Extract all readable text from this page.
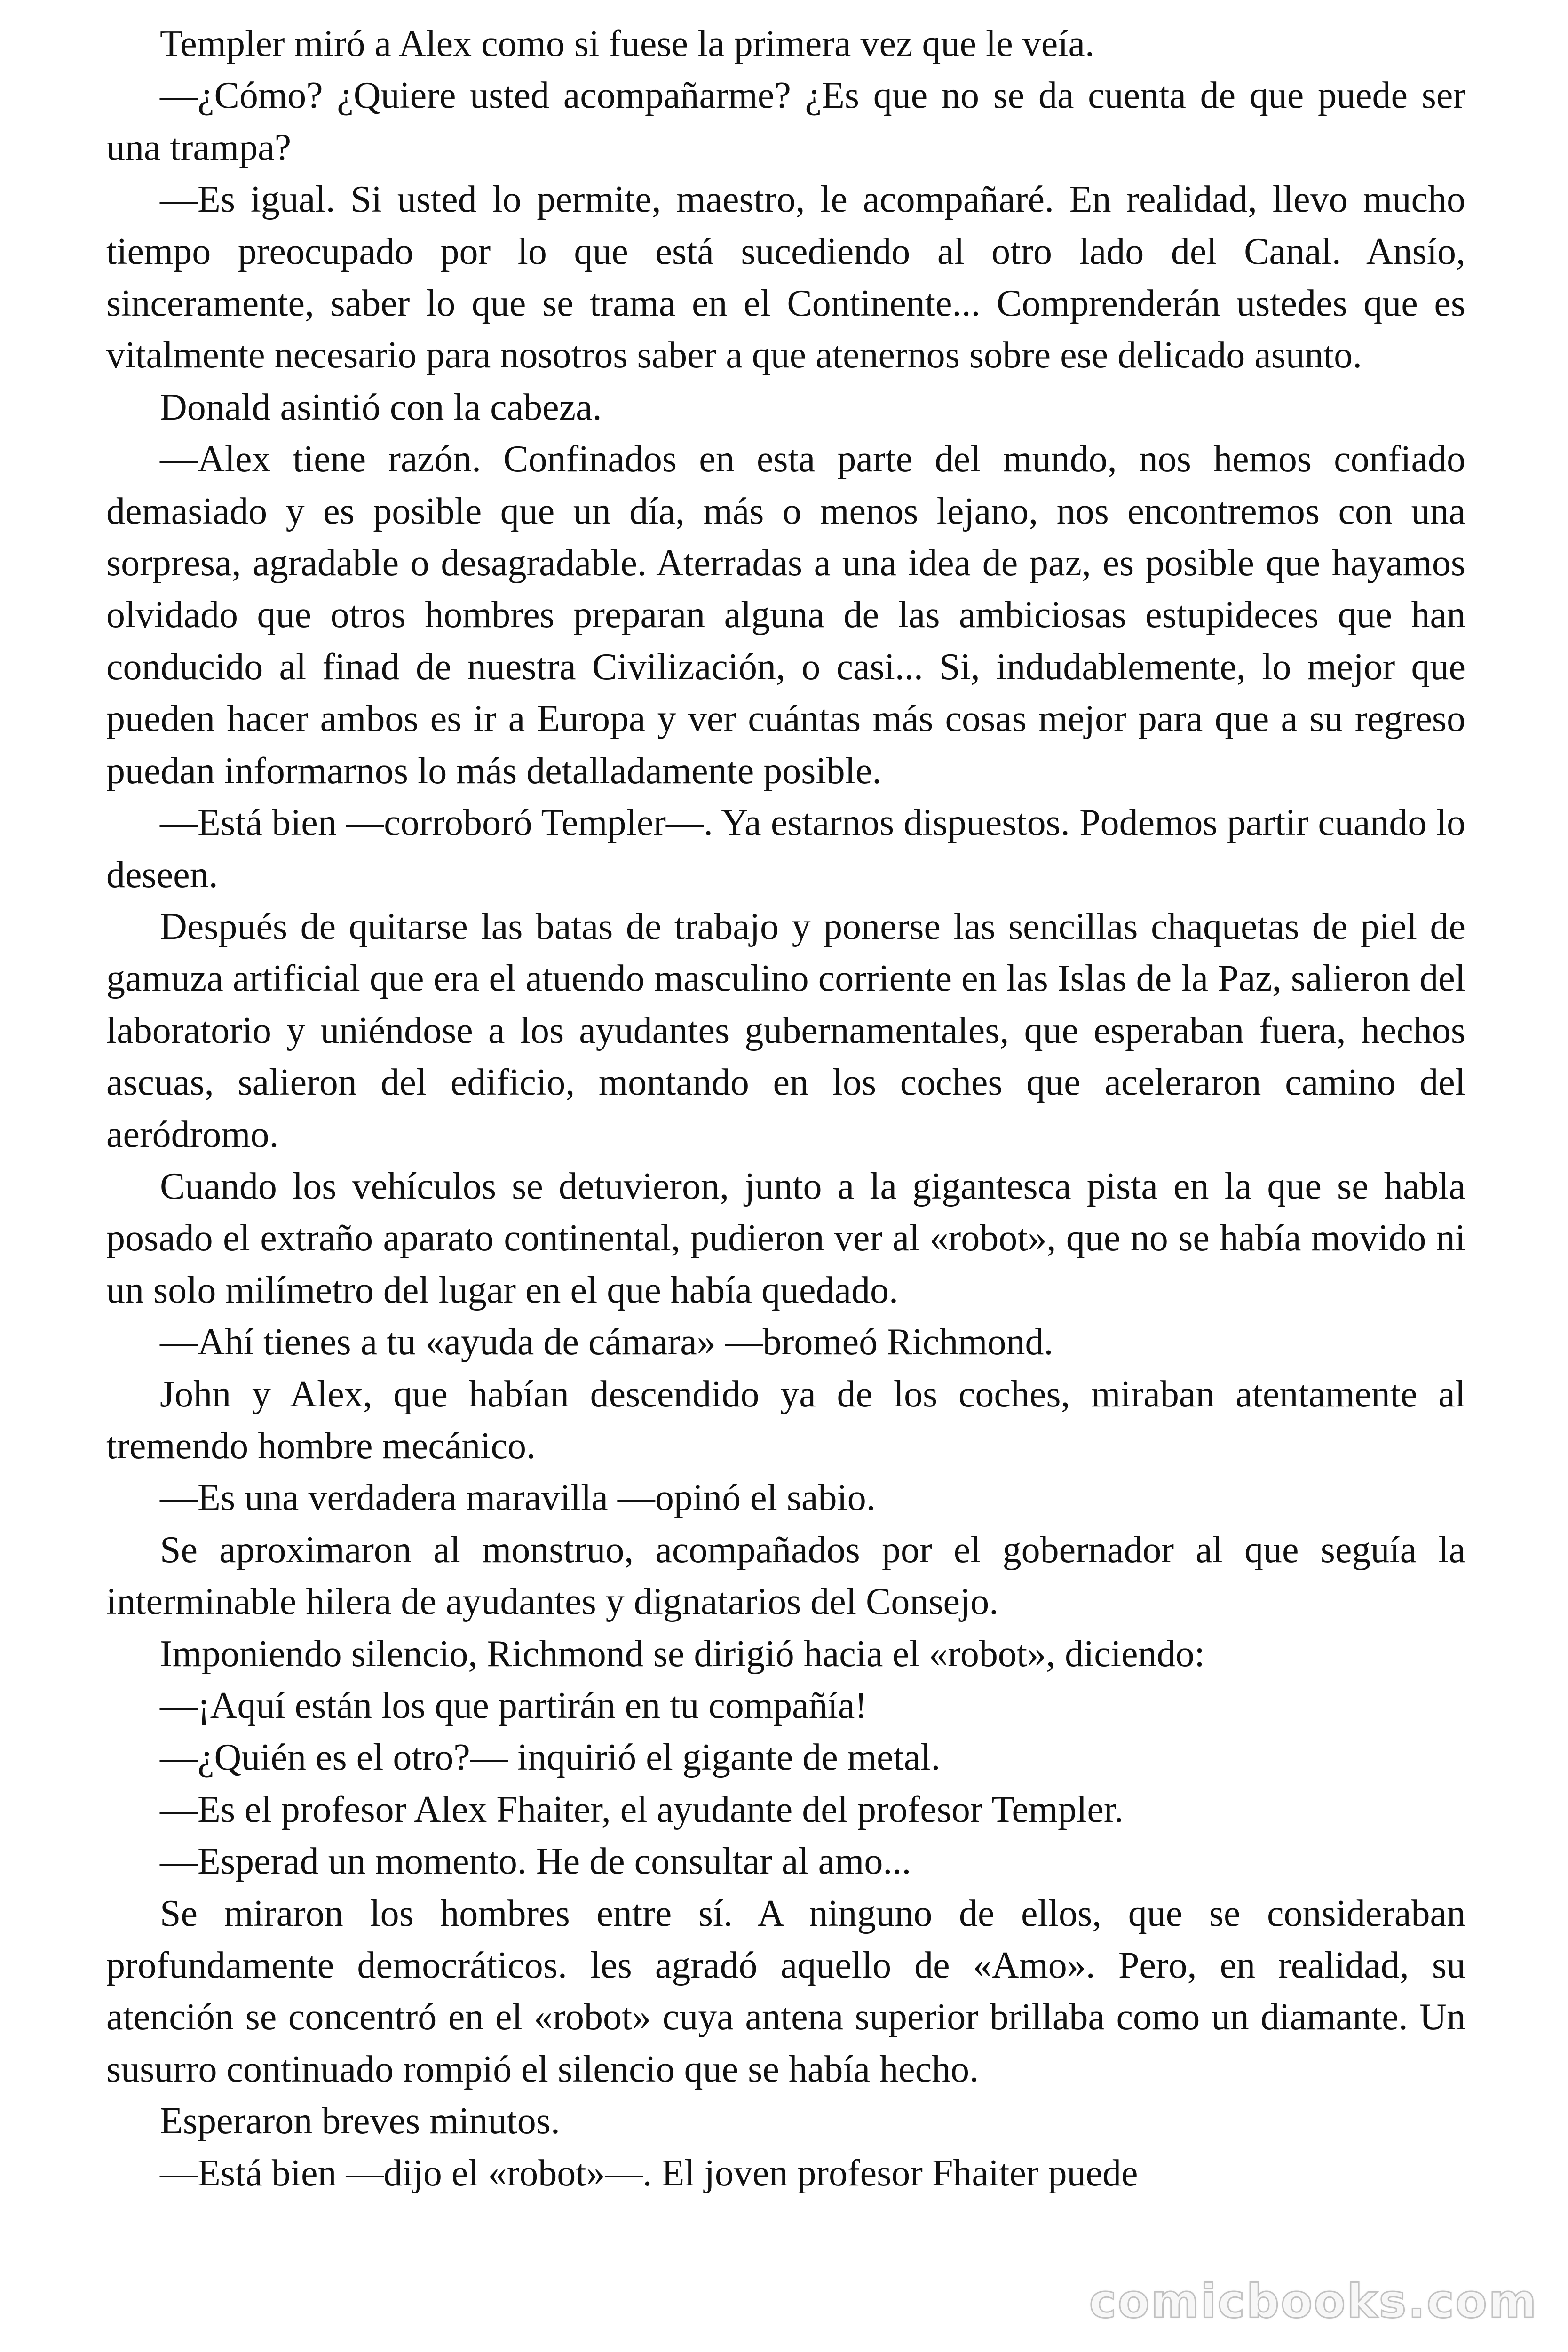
Templer miró a Alex como si fuese la primera vez que le veía.

—¿Cómo? ¿Quiere usted acompañarme? ¿Es que no se da cuenta de que puede ser una trampa?

—Es igual. Si usted lo permite, maestro, le acompañaré. En realidad, llevo mucho tiempo preocupado por lo que está sucediendo al otro lado del Canal. Ansío, sinceramente, saber lo que se trama en el Continente... Comprenderán ustedes que es vitalmente necesario para nosotros saber a que atenernos sobre ese delicado asunto.

Donald asintió con la cabeza.

—Alex tiene razón. Confinados en esta parte del mundo, nos hemos confiado demasiado y es posible que un día, más o menos lejano, nos encontremos con una sorpresa, agradable o desagradable. Aterradas a una idea de paz, es posible que hayamos olvidado que otros hombres preparan alguna de las ambiciosas estupideces que han conducido al finad de nuestra Civilización, o casi... Si, indudablemente, lo mejor que pueden hacer ambos es ir a Europa y ver cuántas más cosas mejor para que a su regreso puedan informarnos lo más detalladamente posible.

—Está bien —corroboró Templer—. Ya estarnos dispuestos. Podemos partir cuando lo deseen.

Después de quitarse las batas de trabajo y ponerse las sencillas chaquetas de piel de gamuza artificial que era el atuendo masculino corriente en las Islas de la Paz, salieron del laboratorio y uniéndose a los ayudantes gubernamentales, que esperaban fuera, hechos ascuas, salieron del edificio, montando en los coches que aceleraron camino del aeródromo.

Cuando los vehículos se detuvieron, junto a la gigantesca pista en la que se habla posado el extraño aparato continental, pudieron ver al «robot», que no se había movido ni un solo milímetro del lugar en el que había quedado.

—Ahí tienes a tu «ayuda de cámara» —bromeó Richmond.

John y Alex, que habían descendido ya de los coches, miraban atentamente al tremendo hombre mecánico.

—Es una verdadera maravilla —opinó el sabio.

Se aproximaron al monstruo, acompañados por el gobernador al que seguía la interminable hilera de ayudantes y dignatarios del Consejo.

Imponiendo silencio, Richmond se dirigió hacia el «robot», diciendo:

—¡Aquí están los que partirán en tu compañía!

—¿Quién es el otro?— inquirió el gigante de metal.

—Es el profesor Alex Fhaiter, el ayudante del profesor Templer.

—Esperad un momento. He de consultar al amo...

Se miraron los hombres entre sí. A ninguno de ellos, que se consideraban profundamente democráticos. les agradó aquello de «Amo». Pero, en realidad, su atención se concentró en el «robot» cuya antena superior brillaba como un diamante. Un susurro continuado rompió el silencio que se había hecho.

Esperaron breves minutos.

—Está bien —dijo el «robot»—. El joven profesor Fhaiter puede

comicbooks.com
